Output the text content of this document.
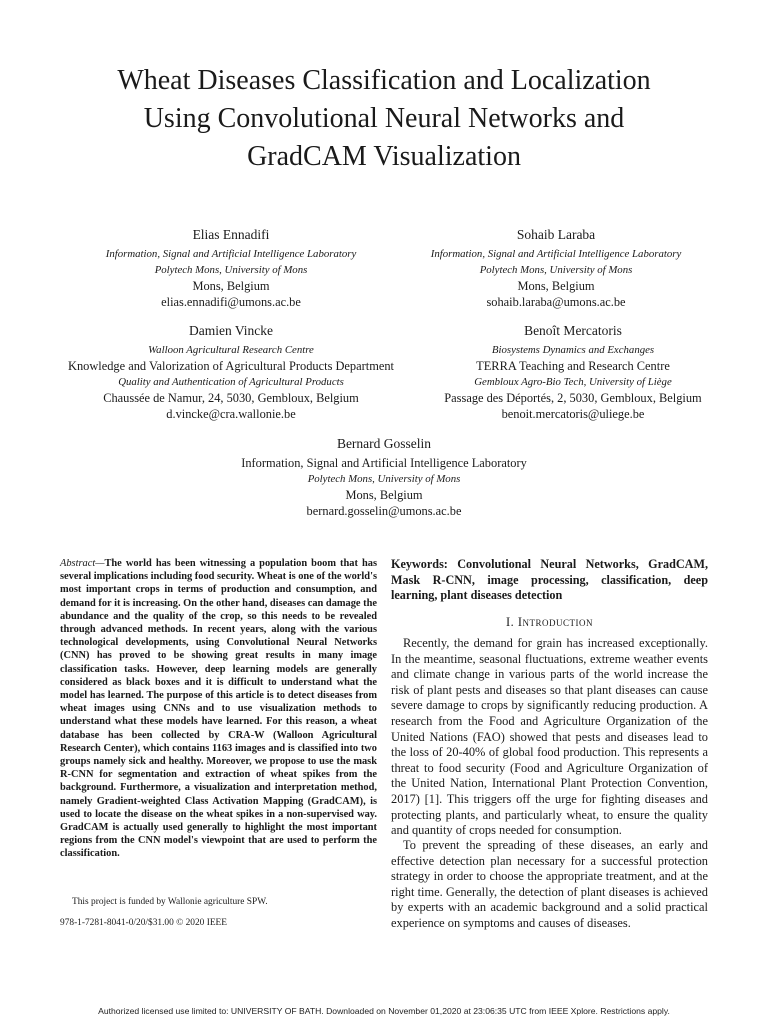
Wheat Diseases Classification and Localization
Using Convolutional Neural Networks and
GradCAM Visualization
Elias Ennadifi
Information, Signal and Artificial Intelligence Laboratory
Polytech Mons, University of Mons
Mons, Belgium
elias.ennadifi@umons.ac.be
Sohaib Laraba
Information, Signal and Artificial Intelligence Laboratory
Polytech Mons, University of Mons
Mons, Belgium
sohaib.laraba@umons.ac.be
Damien Vincke
Walloon Agricultural Research Centre
Knowledge and Valorization of Agricultural Products Department
Quality and Authentication of Agricultural Products
Chaussée de Namur, 24, 5030, Gembloux, Belgium
d.vincke@cra.wallonie.be
Benoît Mercatoris
Biosystems Dynamics and Exchanges
TERRA Teaching and Research Centre
Gembloux Agro-Bio Tech, University of Liège
Passage des Déportés, 2, 5030, Gembloux, Belgium
benoit.mercatoris@uliege.be
Bernard Gosselin
Information, Signal and Artificial Intelligence Laboratory
Polytech Mons, University of Mons
Mons, Belgium
bernard.gosselin@umons.ac.be
Abstract—The world has been witnessing a population boom that has several implications including food security. Wheat is one of the world's most important crops in terms of production and consumption, and demand for it is increasing. On the other hand, diseases can damage the abundance and the quality of the crop, so this needs to be revealed through advanced methods. In recent years, along with the various technological developments, using Convolutional Neural Networks (CNN) has proved to be showing great results in many image classification tasks. However, deep learning models are generally considered as black boxes and it is difficult to understand what the model has learned. The purpose of this article is to detect diseases from wheat images using CNNs and to use visualization methods to understand what these models have learned. For this reason, a wheat database has been collected by CRA-W (Walloon Agricultural Research Center), which contains 1163 images and is classified into two groups namely sick and healthy. Moreover, we propose to use the mask R-CNN for segmentation and extraction of wheat spikes from the background. Furthermore, a visualization and interpretation method, namely Gradient-weighted Class Activation Mapping (GradCAM), is used to locate the disease on the wheat spikes in a non-supervised way. GradCAM is actually used generally to highlight the most important regions from the CNN model's viewpoint that are used to perform the classification.
This project is funded by Wallonie agriculture SPW.
978-1-7281-8041-0/20/$31.00 © 2020 IEEE
Keywords: Convolutional Neural Networks, GradCAM, Mask R-CNN, image processing, classification, deep learning, plant diseases detection
I. Introduction
Recently, the demand for grain has increased exceptionally. In the meantime, seasonal fluctuations, extreme weather events and climate change in various parts of the world increase the risk of plant pests and diseases so that plant diseases can cause severe damage to crops by significantly reducing production. A research from the Food and Agriculture Organization of the United Nations (FAO) showed that pests and diseases lead to the loss of 20-40% of global food production. This represents a threat to food security (Food and Agriculture Organization of the United Nation, International Plant Protection Convention, 2017) [1]. This triggers off the urge for fighting diseases and protecting plants, and particularly wheat, to ensure the quality and quantity of crops needed for consumption.
To prevent the spreading of these diseases, an early and effective detection plan necessary for a successful protection strategy in order to choose the appropriate treatment, and at the right time. Generally, the detection of plant diseases is achieved by experts with an academic background and a solid practical experience on symptoms and causes of diseases.
Authorized licensed use limited to: UNIVERSITY OF BATH. Downloaded on November 01,2020 at 23:06:35 UTC from IEEE Xplore. Restrictions apply.
